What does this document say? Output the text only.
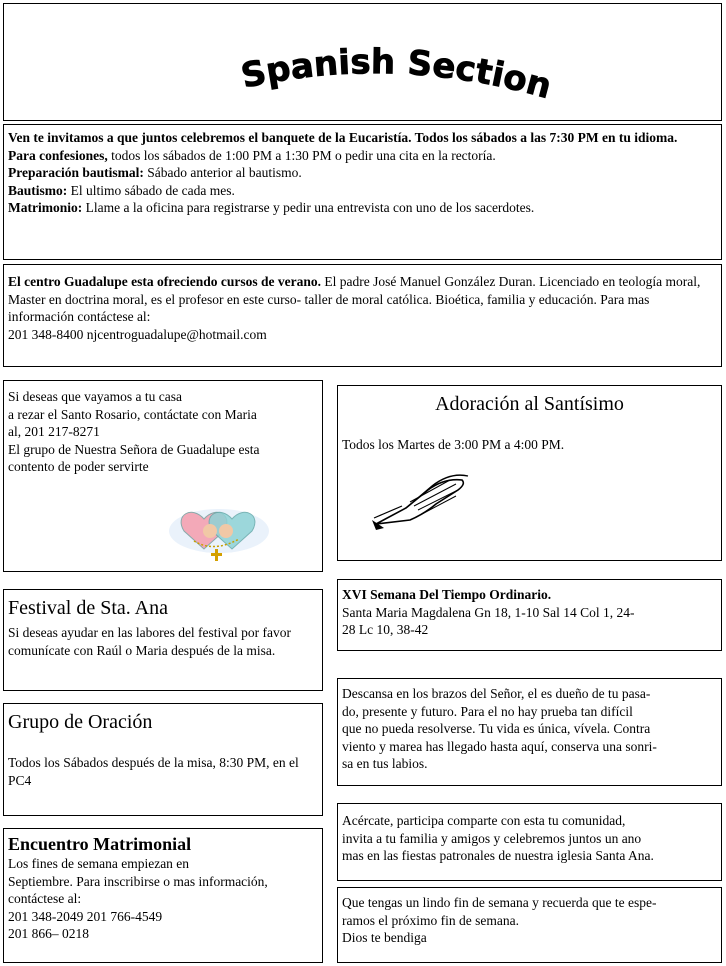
Spanish Section
Ven te invitamos a que juntos celebremos el banquete de la Eucaristía. Todos los sábados a las 7:30 PM en tu idioma.
Para confesiones, todos los sábados de 1:00 PM a 1:30 PM o pedir una cita en la rectoría.
Preparación bautismal: Sábado anterior al bautismo.
Bautismo: El ultimo sábado de cada mes.
Matrimonio: Llame a la oficina para registrarse y pedir una entrevista con uno de los sacerdotes.
El centro Guadalupe esta ofreciendo cursos de verano. El padre José Manuel González Duran. Licenciado en teología moral, Master en doctrina moral, es el profesor en este curso- taller de moral católica. Bioética, familia y educación. Para mas información contáctese al:
201 348-8400 njcentroguadalupe@hotmail.com
Si deseas que vayamos a tu casa
a rezar el Santo Rosario, contáctate con Maria
al, 201 217-8271
El grupo de Nuestra Señora de Guadalupe esta
contento de poder servirte
Adoración al Santísimo
Todos los Martes de 3:00 PM a 4:00 PM.
XVI Semana Del Tiempo Ordinario.
Santa Maria Magdalena Gn 18, 1-10 Sal 14 Col 1, 24-
28 Lc 10, 38-42
Festival de Sta. Ana
Si deseas ayudar en las labores del festival por favor comunícate con Raúl o Maria después de la misa.
Descansa en los brazos del Señor, el es dueño de tu pasa-
do, presente y futuro. Para el no hay prueba tan difícil
que no pueda resolverse. Tu vida es única, vívela. Contra
viento y marea has llegado hasta aquí, conserva una sonri-
sa en tus labios.
Grupo de Oración
Todos los Sábados después de la misa, 8:30 PM, en el PC4
Acércate, participa comparte con esta tu comunidad,
invita a tu familia y amigos y celebremos juntos un ano
mas en las fiestas patronales de nuestra iglesia Santa Ana.
Encuentro Matrimonial
Los fines de semana empiezan en
Septiembre. Para inscribirse o mas información,
contáctese al:
201 348-2049 201 766-4549
201 866– 0218
Que tengas un lindo fin de semana y recuerda que te espe-
ramos el próximo fin de semana.
Dios te bendiga
